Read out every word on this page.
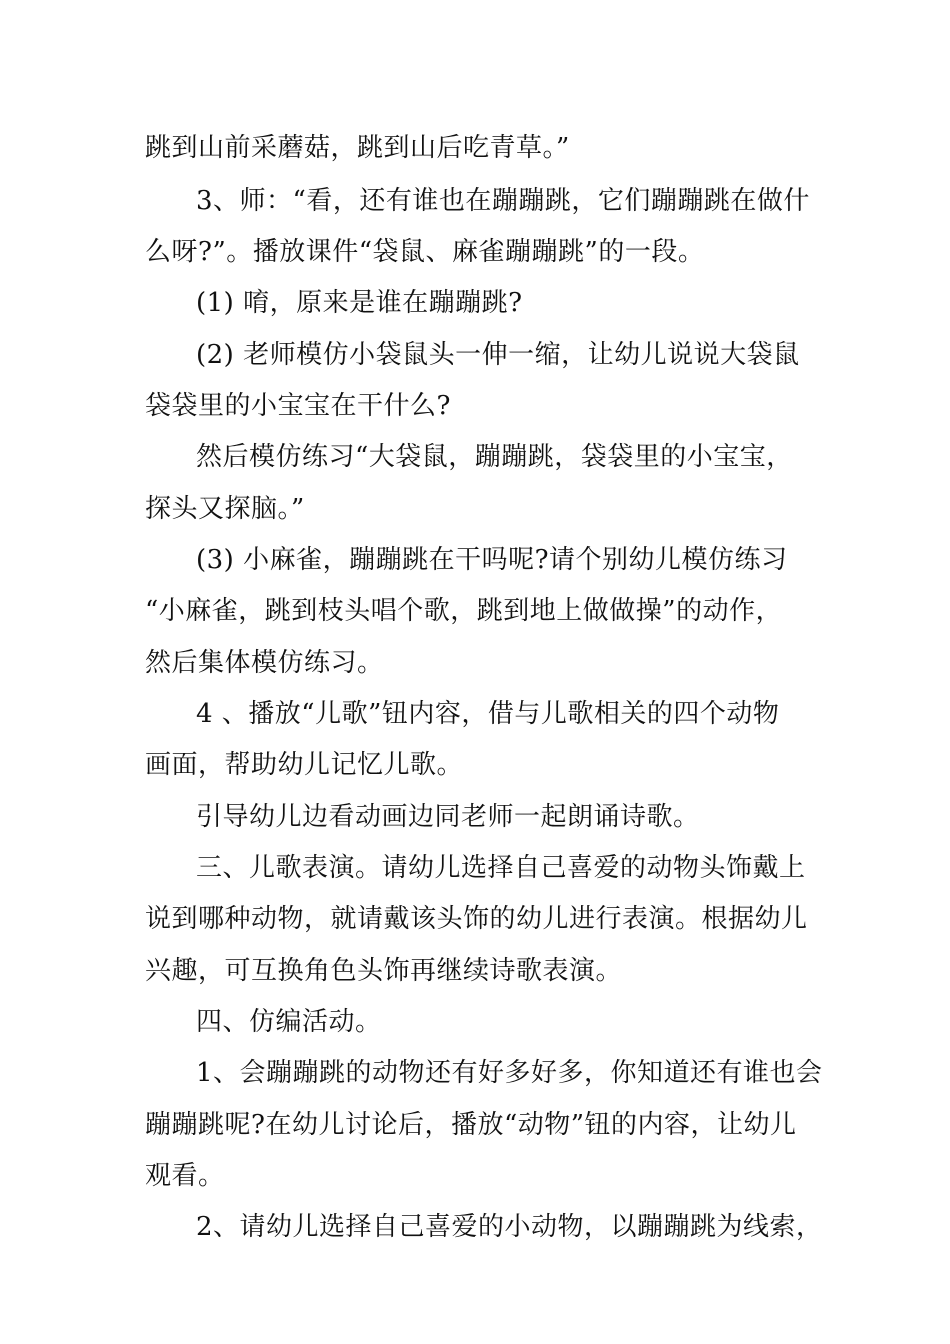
跳到山前采蘑菇，跳到山后吃青草。”
3、师：“看，还有谁也在蹦蹦跳，它们蹦蹦跳在做什
么呀?”。播放课件“袋鼠、麻雀蹦蹦跳”的一段。
(1) 唷，原来是谁在蹦蹦跳?
(2) 老师模仿小袋鼠头一伸一缩，让幼儿说说大袋鼠
袋袋里的小宝宝在干什么?
然后模仿练习“大袋鼠，蹦蹦跳，袋袋里的小宝宝，
探头又探脑。”
(3) 小麻雀，蹦蹦跳在干吗呢?请个别幼儿模仿练习
“小麻雀，跳到枝头唱个歌，跳到地上做做操”的动作，
然后集体模仿练习。
4 、播放“儿歌”钮内容，借与儿歌相关的四个动物
画面，帮助幼儿记忆儿歌。
引导幼儿边看动画边同老师一起朗诵诗歌。
三、儿歌表演。请幼儿选择自己喜爱的动物头饰戴上
说到哪种动物，就请戴该头饰的幼儿进行表演。根据幼儿
兴趣，可互换角色头饰再继续诗歌表演。
四、仿编活动。
1、会蹦蹦跳的动物还有好多好多，你知道还有谁也会
蹦蹦跳呢?在幼儿讨论后，播放“动物”钮的内容，让幼儿
观看。
2、请幼儿选择自己喜爱的小动物，以蹦蹦跳为线索，
